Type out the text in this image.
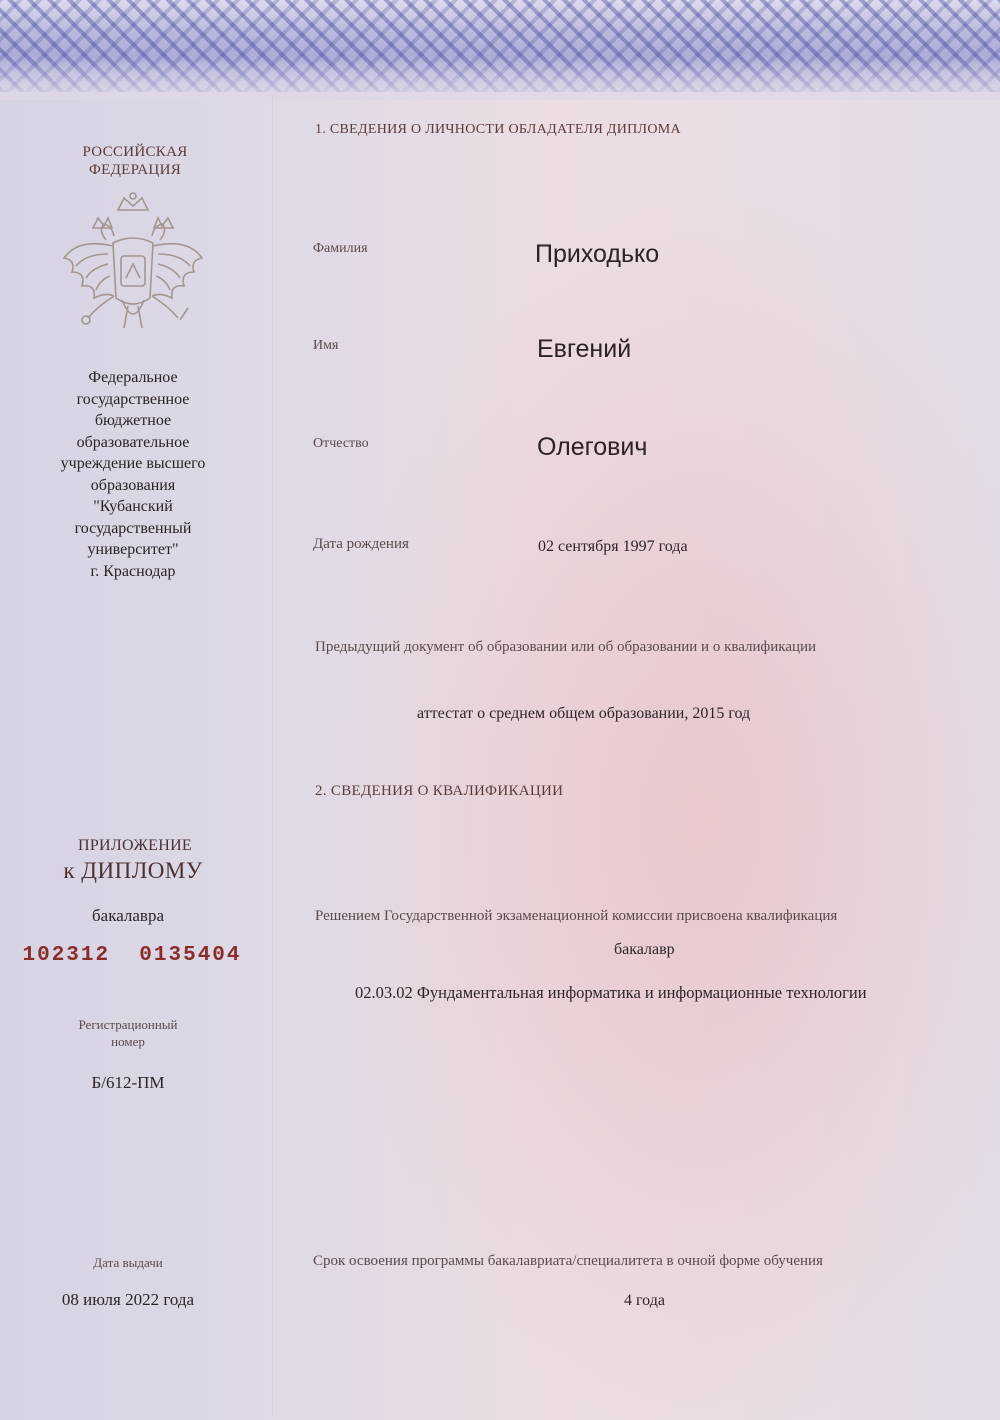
РОССИЙСКАЯ
ФЕДЕРАЦИЯ
Федеральное
государственное
бюджетное
образовательное
учреждение высшего
образования
"Кубанский
государственный
университет"
г. Краснодар
ПРИЛОЖЕНИЕ
к ДИПЛОМУ
бакалавра
102312  0135404
Регистрационный
номер
Б/612-ПМ
Дата выдачи
08 июля 2022 года
1. СВЕДЕНИЯ О ЛИЧНОСТИ ОБЛАДАТЕЛЯ ДИПЛОМА
Фамилия	Приходько
Имя	Евгений
Отчество	Олегович
Дата рождения	02 сентября 1997 года
Предыдущий документ об образовании или об образовании и о квалификации
аттестат о среднем общем образовании, 2015 год
2. СВЕДЕНИЯ О КВАЛИФИКАЦИИ
Решением Государственной экзаменационной комиссии присвоена квалификация
бакалавр
02.03.02 Фундаментальная информатика и информационные технологии
Срок освоения программы бакалавриата/специалитета в очной форме обучения
4 года
